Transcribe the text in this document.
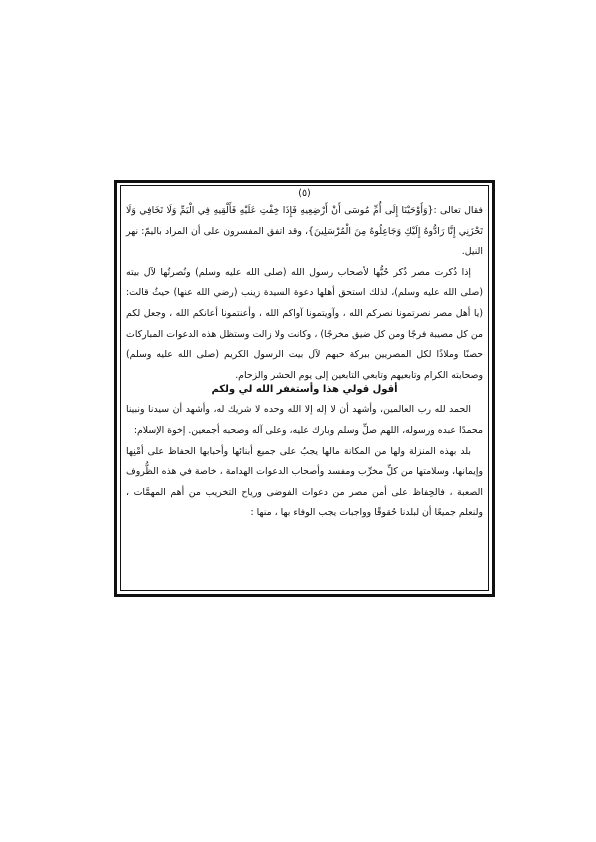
(٥)

فقال تعالى :{وَأَوْحَيْنَا إِلَى أُمِّ مُوسَى أَنْ أَرْضِعِيهِ فَإِذَا خِفْتِ عَلَيْهِ فَأَلْقِيهِ فِي الْيَمِّ وَلَا تَخَافِي وَلَا تَحْزَنِي إِنَّا رَادُّوهُ إِلَيْكِ وَجَاعِلُوهُ مِنَ الْمُرْسَلِينَ}، وقد اتفق المفسرون على أن المراد باليمّ: نهر النيل.

إذا ذُكرت مصر ذُكر حُبُّها لأصحاب رسول الله (صلى الله عليه وسلم) ونُصرتُها لآل بيته (صلى الله عليه وسلم)، لذلك استحق أهلها دعوة السيدة زينب (رضي الله عنها) حيثُ قالت: (يا أهل مصر نصرتمونا نصركم الله ، وآويتمونا آواكم الله ، وأعنتمونا أعانكم الله ، وجعل لكم من كل مصيبة فرجًا ومن كل ضيق مخرجًا) ، وكانت ولا زالت وستظل هذه الدعوات المباركات حصنًا وملاذًا لكل المصريين ببركة حبهم لآل بيت الرسول الكريم (صلى الله عليه وسلم) وصحابته الكرام وتابعيهم وتابعي التابعين إلى يوم الحشر والزحام.

أقول قولي هذا وأستغفر الله لي ولكم

الحمد لله رب العالمين، وأشهد أن لا إله إلا الله وحده لا شريك له، وأشهد أن سيدنا ونبينا محمدًا عبده ورسوله، اللهم صلِّ وسلم وبارك عليه، وعلى آله وصحبه أجمعين. إخوة الإسلام:

بلد بهذه المنزلة ولها من المكانة مالها يجبُ على جميع أبنائها وأحبابها الحفاظ على أمْنِها وإيمانها، وسلامتها من كلِّ مخرِّب ومفسد وأصحاب الدعوات الهدامة ، خاصة في هذه الظُّروف الصعبة ، فالحِفاظ على أمن مصر من دعوات الفوضى ورياح التخريب من أهم المهمَّات ، ولنعلم جميعًا أن لبلدنا حُقوقًا وواجبات يجب الوفاء بها ، منها :
